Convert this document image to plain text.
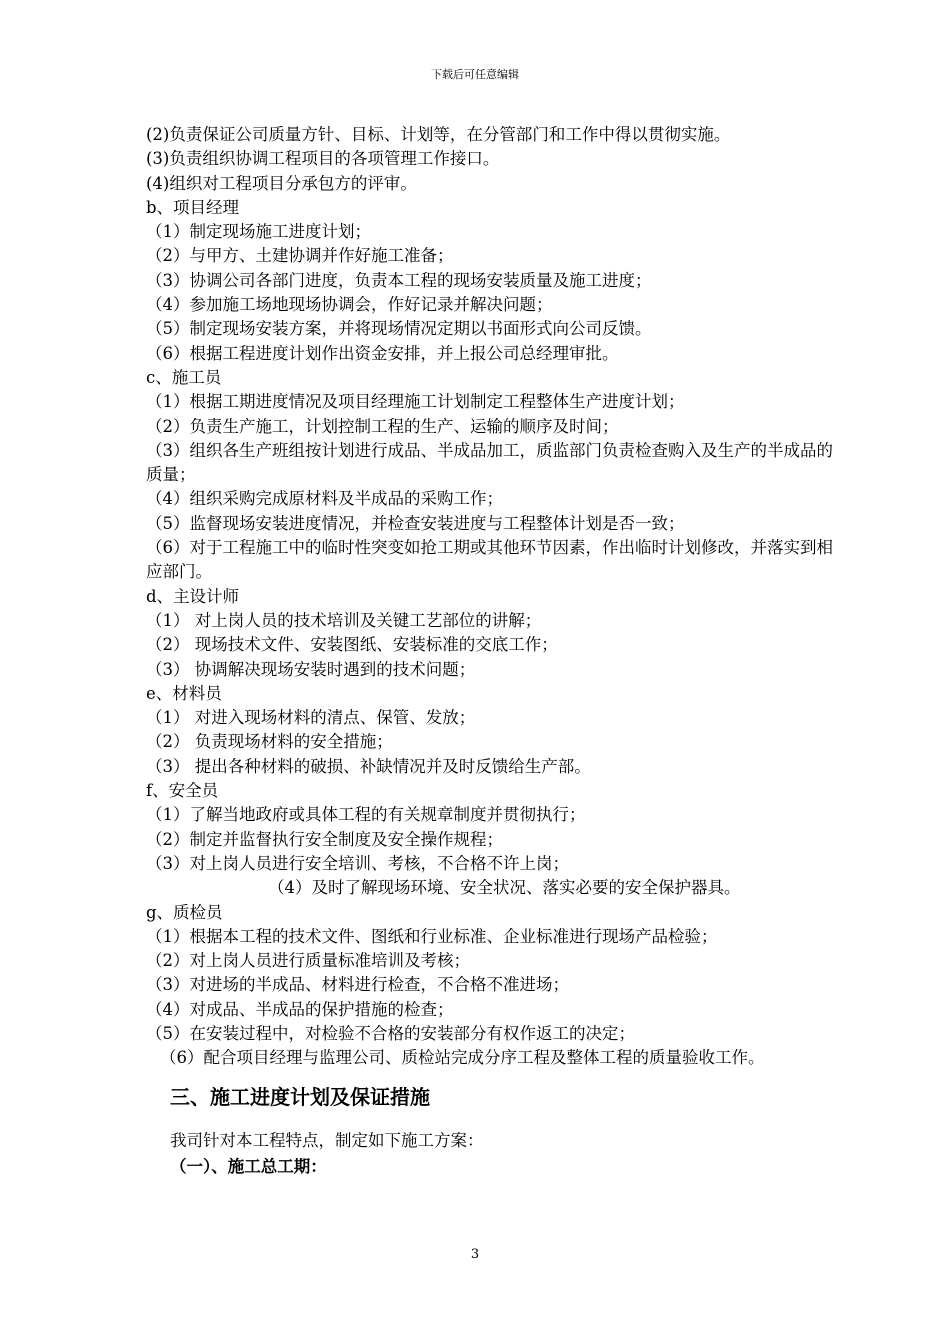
下载后可任意编辑

(2)负责保证公司质量方针、目标、计划等，在分管部门和工作中得以贯彻实施。

(3)负责组织协调工程项目的各项管理工作接口。

(4)组织对工程项目分承包方的评审。

b、项目经理

（1）制定现场施工进度计划；

（2）与甲方、土建协调并作好施工准备；

（3）协调公司各部门进度，负责本工程的现场安装质量及施工进度；

（4）参加施工场地现场协调会，作好记录并解决问题；

（5）制定现场安装方案，并将现场情况定期以书面形式向公司反馈。

（6）根据工程进度计划作出资金安排，并上报公司总经理审批。

c、施工员

（1）根据工期进度情况及项目经理施工计划制定工程整体生产进度计划；

（2）负责生产施工，计划控制工程的生产、运输的顺序及时间；

（3）组织各生产班组按计划进行成品、半成品加工，质监部门负责检查购入及生产的半成品的质量；

（4）组织采购完成原材料及半成品的采购工作；

（5）监督现场安装进度情况，并检查安装进度与工程整体计划是否一致；

（6）对于工程施工中的临时性突变如抢工期或其他环节因素，作出临时计划修改，并落实到相应部门。

d、主设计师

（1） 对上岗人员的技术培训及关键工艺部位的讲解；

（2） 现场技术文件、安装图纸、安装标准的交底工作；

（3） 协调解决现场安装时遇到的技术问题；

e、材料员

（1） 对进入现场材料的清点、保管、发放；

（2） 负责现场材料的安全措施；

（3） 提出各种材料的破损、补缺情况并及时反馈给生产部。

f、安全员

（1）了解当地政府或具体工程的有关规章制度并贯彻执行；

（2）制定并监督执行安全制度及安全操作规程；

（3）对上岗人员进行安全培训、考核，不合格不许上岗；

（4）及时了解现场环境、安全状况、落实必要的安全保护器具。

g、质检员

（1）根据本工程的技术文件、图纸和行业标准、企业标准进行现场产品检验；

（2）对上岗人员进行质量标准培训及考核；

（3）对进场的半成品、材料进行检查，不合格不准进场；

（4）对成品、半成品的保护措施的检查；

（5）在安装过程中，对检验不合格的安装部分有权作返工的决定；

（6）配合项目经理与监理公司、质检站完成分序工程及整体工程的质量验收工作。

三、施工进度计划及保证措施
我司针对本工程特点，制定如下施工方案：
（一）、施工总工期：
3
